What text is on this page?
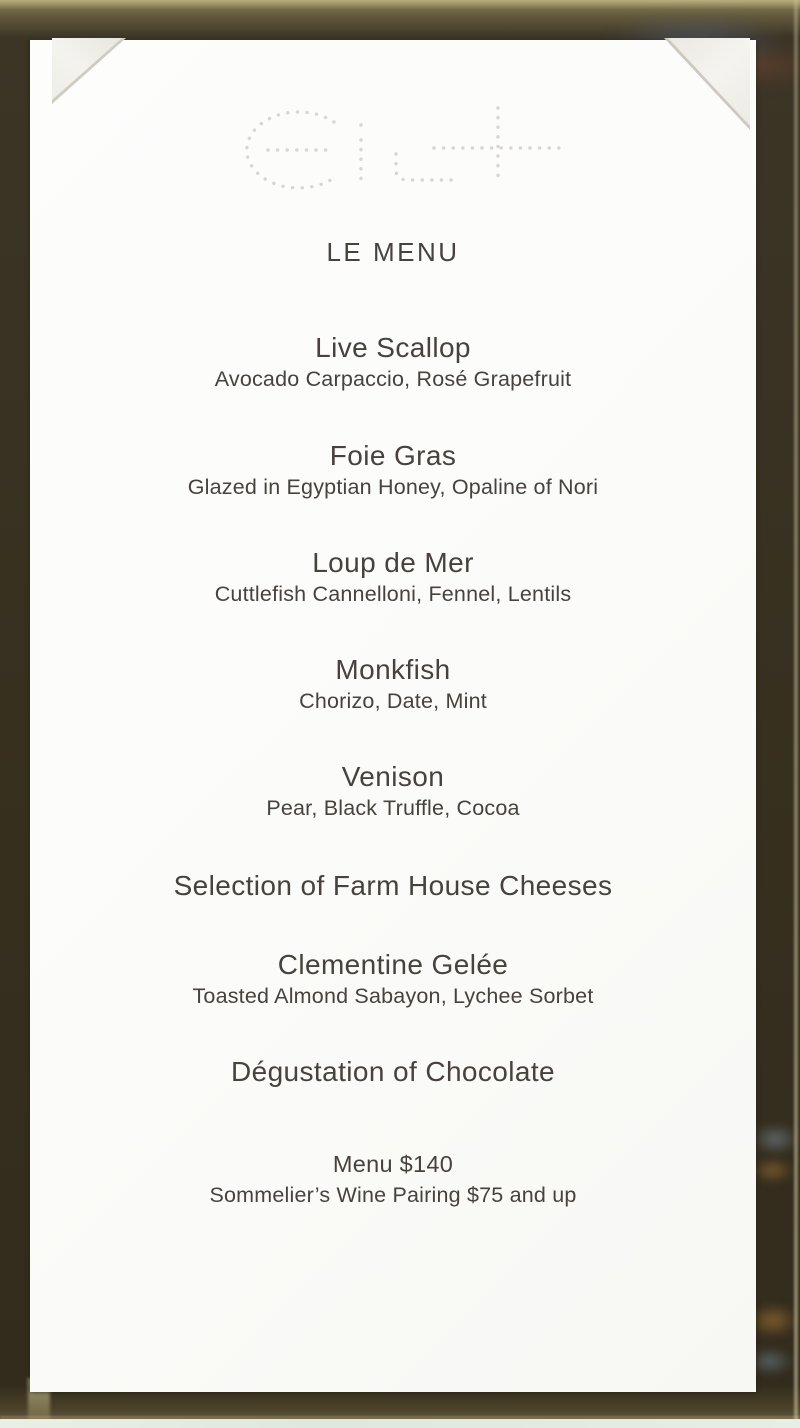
LE MENU
Live Scallop
Avocado Carpaccio, Rosé Grapefruit
Foie Gras
Glazed in Egyptian Honey, Opaline of Nori
Loup de Mer
Cuttlefish Cannelloni, Fennel, Lentils
Monkfish
Chorizo, Date, Mint
Venison
Pear, Black Truffle, Cocoa
Selection of Farm House Cheeses
Clementine Gelée
Toasted Almond Sabayon, Lychee Sorbet
Dégustation of Chocolate
Menu $140
Sommelier’s Wine Pairing $75 and up
